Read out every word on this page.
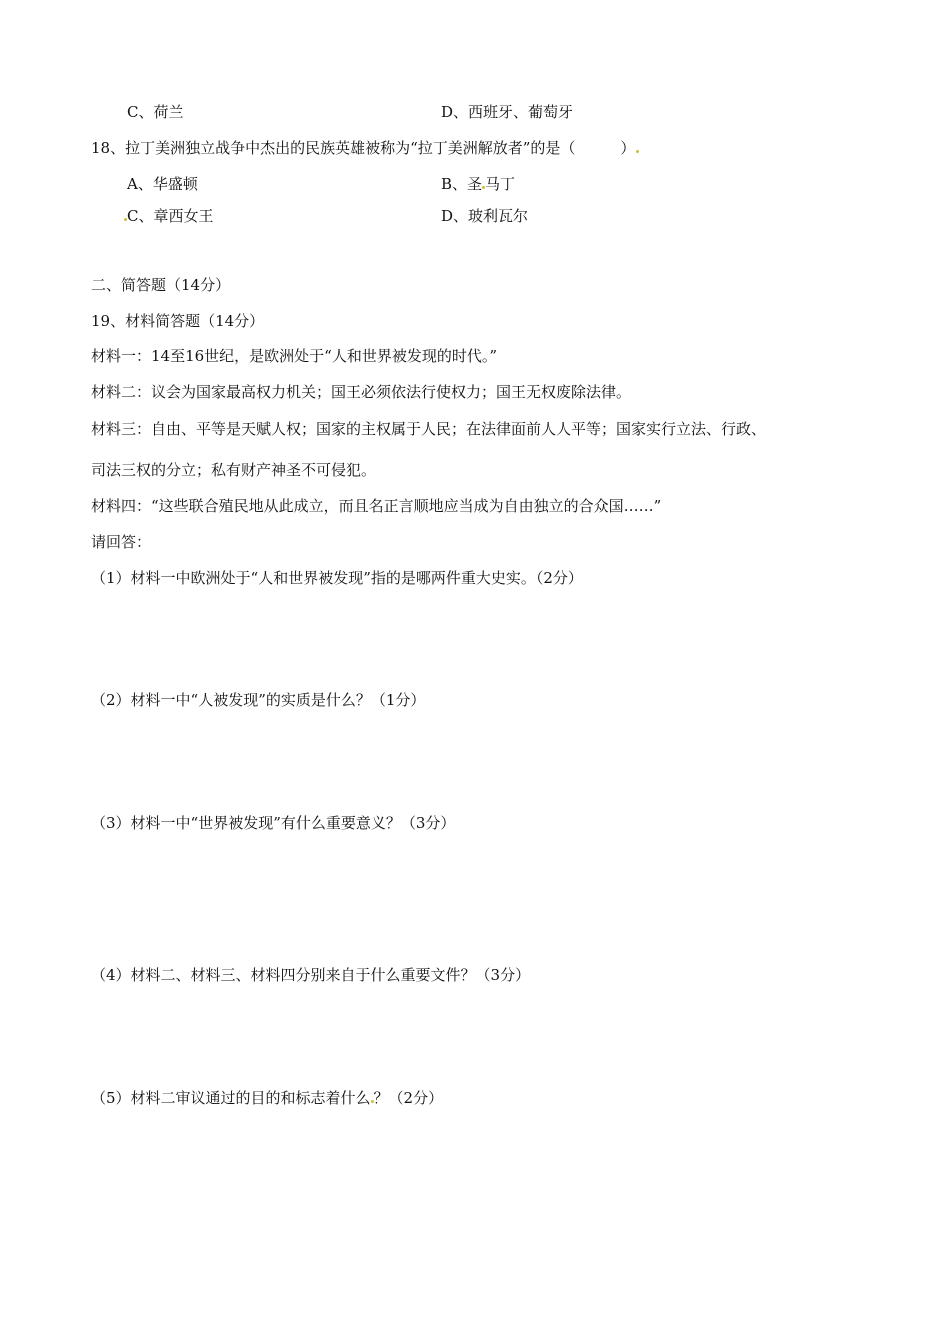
C、荷兰	D、西班牙、葡萄牙
18、拉丁美洲独立战争中杰出的民族英雄被称为“拉丁美洲解放者”的是（　　　）
A、华盛顿	B、圣 马丁
C、章西女王	D、玻利瓦尔
二、简答题（14分）
19、材料简答题（14分）
材料一：14至16世纪，是欧洲处于“人和世界被发现的时代。”
材料二：议会为国家最高权力机关；国王必须依法行使权力；国王无权废除法律。
材料三：自由、平等是天赋人权；国家的主权属于人民；在法律面前人人平等；国家实行立法、行政、
司法三权的分立；私有财产神圣不可侵犯。
材料四：“这些联合殖民地从此成立，而且名正言顺地应当成为自由独立的合众国……”
请回答：
（1）材料一中欧洲处于“人和世界被发现”指的是哪两件重大史实。（2分）
（2）材料一中“人被发现”的实质是什么？（1分）
（3）材料一中“世界被发现”有什么重要意义？（3分）
（4）材料二、材料三、材料四分别来自于什么重要文件？（3分）
（5）材料二审议通过的目的和标志着什么 ？（2分）
